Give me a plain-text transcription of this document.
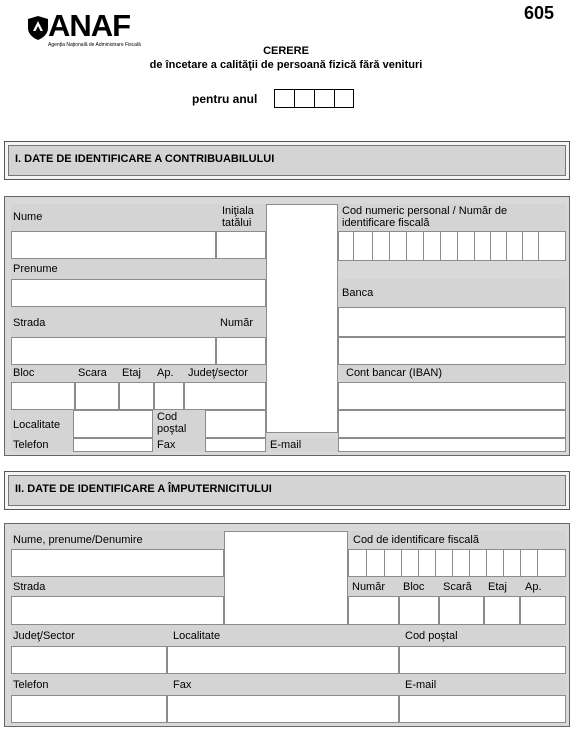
ANAF
Agenţia Naţională de Administrare Fiscală
605
CERERE
de încetare a calităţii de persoană fizică fără venituri
pentru anul
I. DATE DE IDENTIFICARE A CONTRIBUABILULUI
Nume	Iniţiala tatălui
Cod numeric personal / Număr de identificare fiscală
Prenume
Banca
Strada	Număr
Bloc	Scara Etaj Ap. Judeţ/sector	Cont bancar (IBAN)
Localitate
Cod poştal
Telefon	Fax	E-mail
II. DATE DE IDENTIFICARE A ÎMPUTERNICITULUI
Nume, prenume/Denumire	Cod de identificare fiscală
Strada	Număr Bloc Scară Etaj Ap.
Judeţ/Sector	Localitate	Cod poştal
Telefon	Fax	E-mail
